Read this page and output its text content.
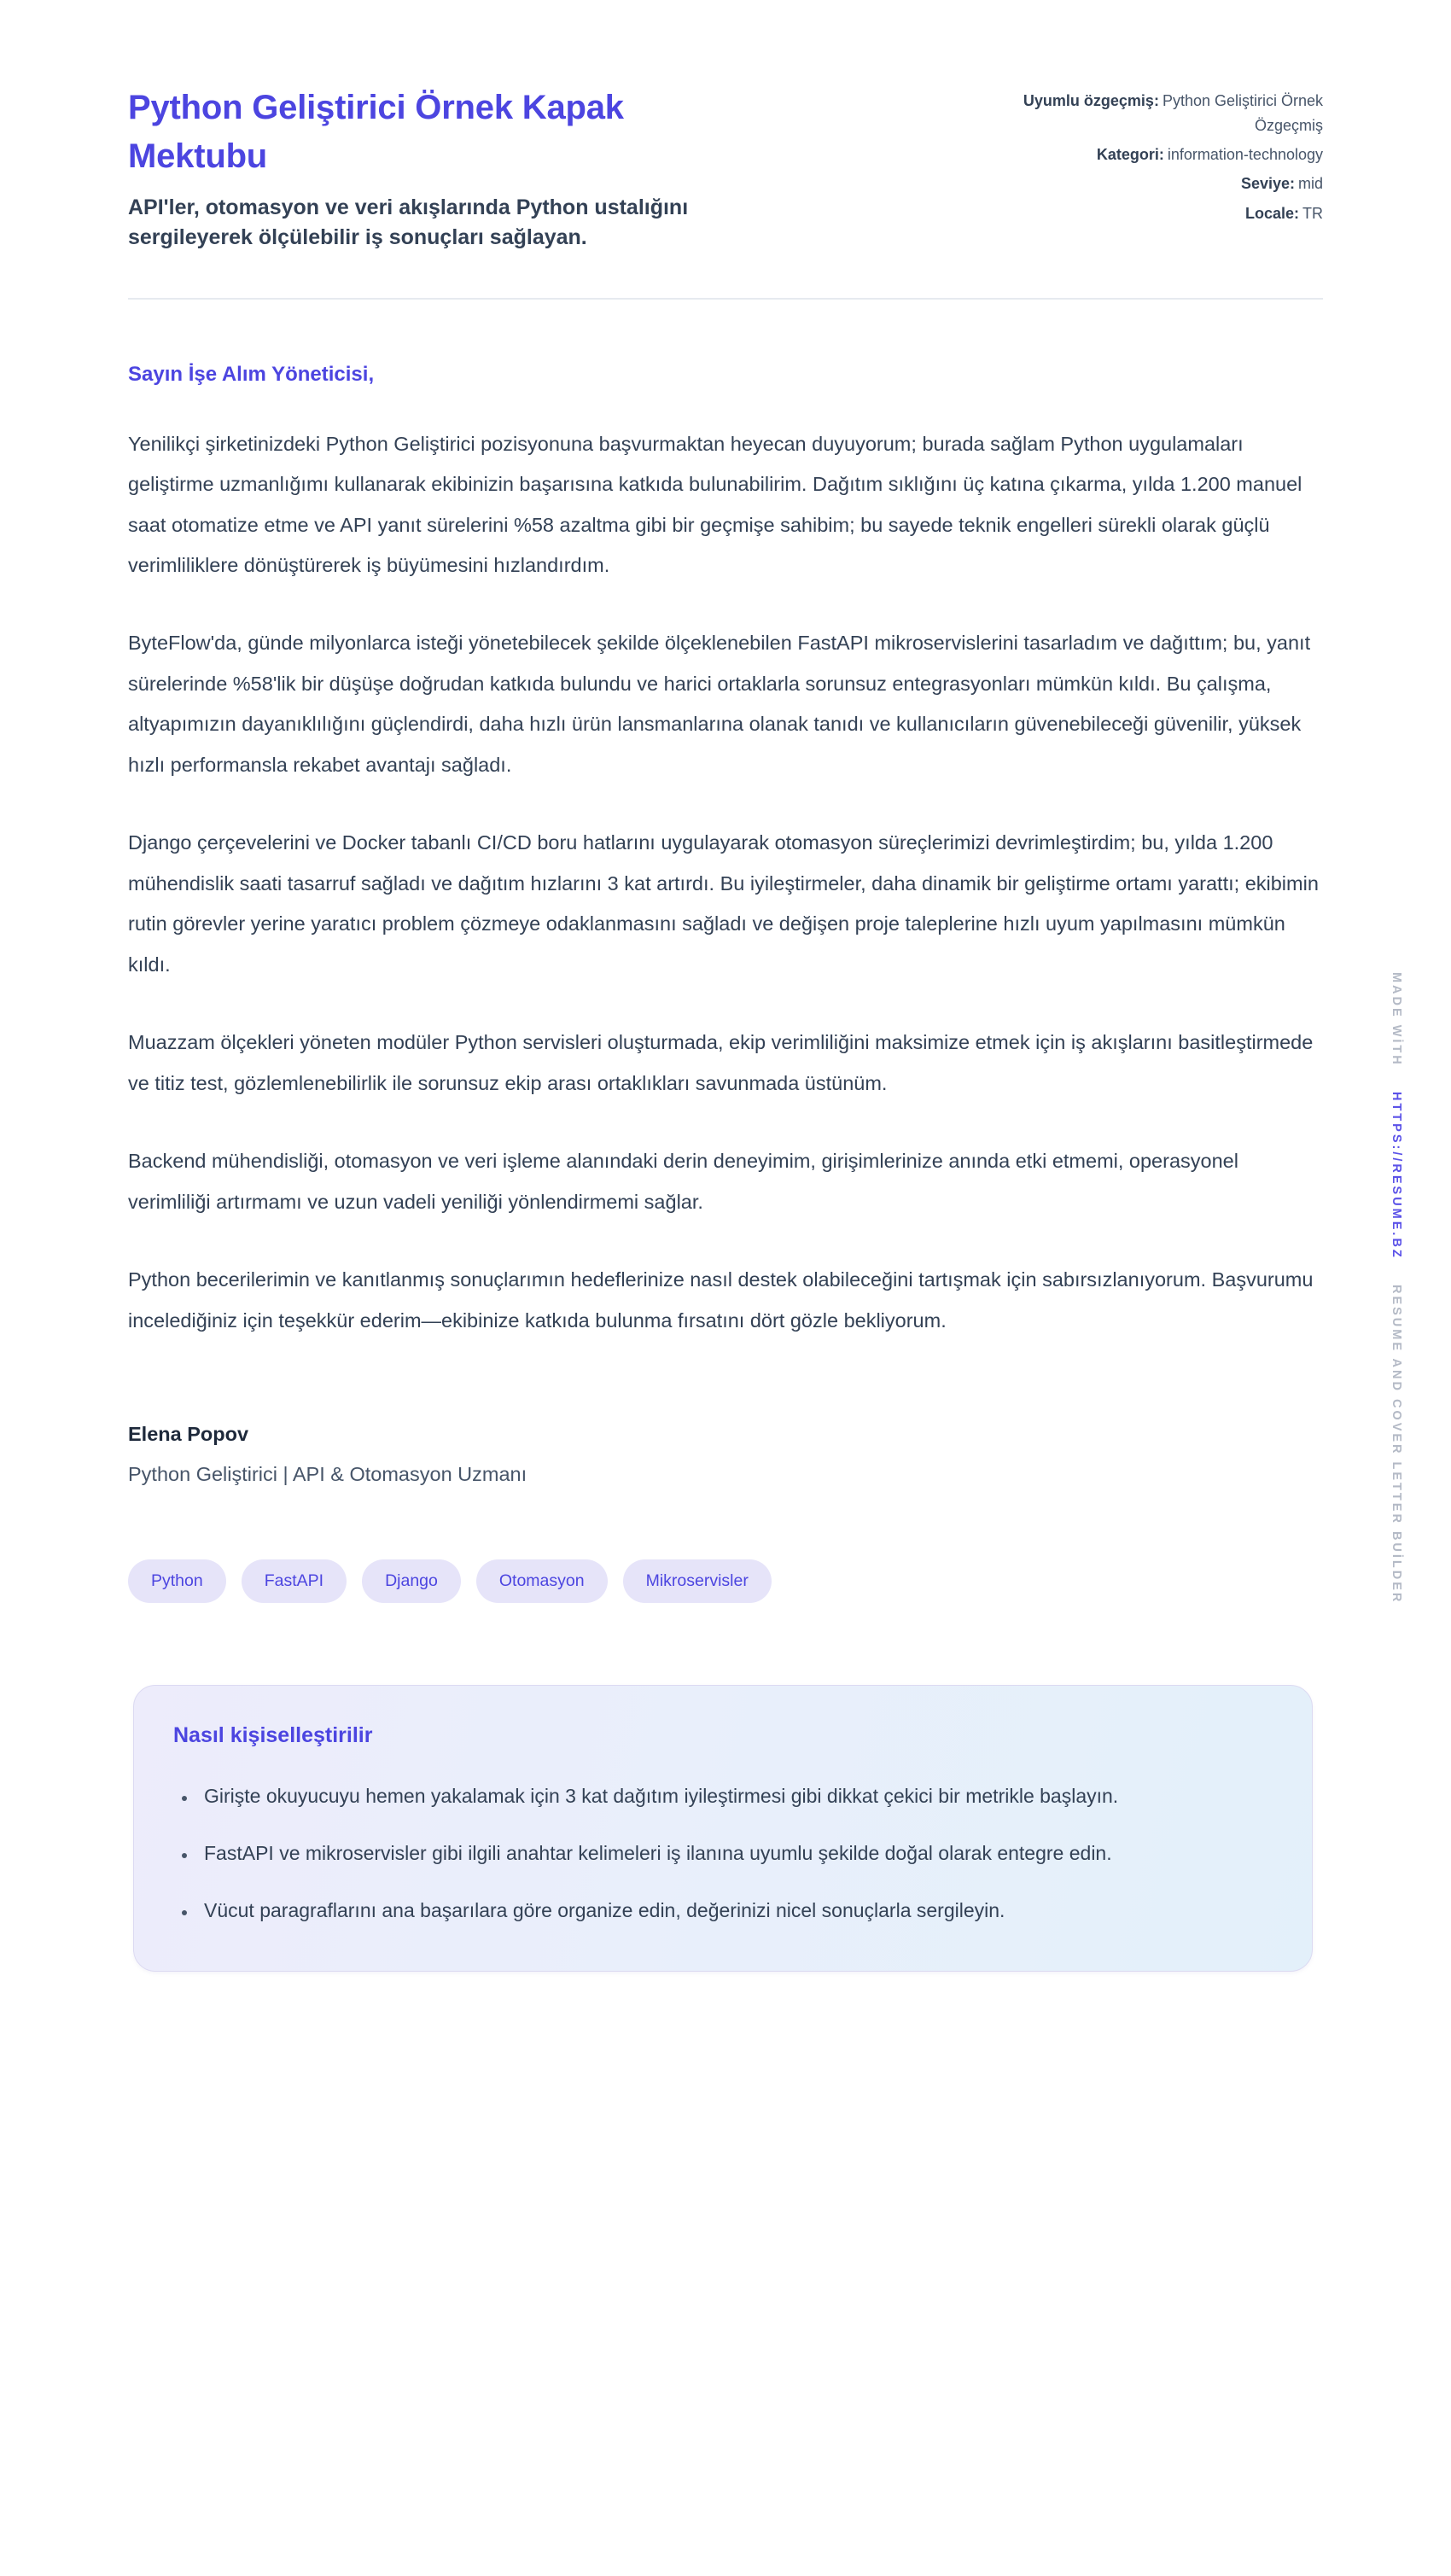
Python Geliştirici Örnek Kapak Mektubu
API'ler, otomasyon ve veri akışlarında Python ustalığını sergileyerek ölçülebilir iş sonuçları sağlayan.
Uyumlu özgeçmiş: Python Geliştirici Örnek Özgeçmiş
Kategori: information-technology
Seviye: mid
Locale: TR
Sayın İşe Alım Yöneticisi,

Yenilikçi şirketinizdeki Python Geliştirici pozisyonuna başvurmaktan heyecan duyuyorum; burada sağlam Python uygulamaları geliştirme uzmanlığımı kullanarak ekibinizin başarısına katkıda bulunabilirim. Dağıtım sıklığını üç katına çıkarma, yılda 1.200 manuel saat otomatize etme ve API yanıt sürelerini %58 azaltma gibi bir geçmişe sahibim; bu sayede teknik engelleri sürekli olarak güçlü verimliliklere dönüştürerek iş büyümesini hızlandırdım.

ByteFlow'da, günde milyonlarca isteği yönetebilecek şekilde ölçeklenebilen FastAPI mikroservislerini tasarladım ve dağıttım; bu, yanıt sürelerinde %58'lik bir düşüşe doğrudan katkıda bulundu ve harici ortaklarla sorunsuz entegrasyonları mümkün kıldı. Bu çalışma, altyapımızın dayanıklılığını güçlendirdi, daha hızlı ürün lansmanlarına olanak tanıdı ve kullanıcıların güvenebileceği güvenilir, yüksek hızlı performansla rekabet avantajı sağladı.

Django çerçevelerini ve Docker tabanlı CI/CD boru hatlarını uygulayarak otomasyon süreçlerimizi devrimleştirdim; bu, yılda 1.200 mühendislik saati tasarruf sağladı ve dağıtım hızlarını 3 kat artırdı. Bu iyileştirmeler, daha dinamik bir geliştirme ortamı yarattı; ekibimin rutin görevler yerine yaratıcı problem çözmeye odaklanmasını sağladı ve değişen proje taleplerine hızlı uyum yapılmasını mümkün kıldı.

Muazzam ölçekleri yöneten modüler Python servisleri oluşturmada, ekip verimliliğini maksimize etmek için iş akışlarını basitleştirmede ve titiz test, gözlemlenebilirlik ile sorunsuz ekip arası ortaklıkları savunmada üstünüm.

Backend mühendisliği, otomasyon ve veri işleme alanındaki derin deneyimim, girişimlerinize anında etki etmemi, operasyonel verimliliği artırmamı ve uzun vadeli yeniliği yönlendirmemi sağlar.

Python becerilerimin ve kanıtlanmış sonuçlarımın hedeflerinize nasıl destek olabileceğini tartışmak için sabırsızlanıyorum. Başvurumu incelediğiniz için teşekkür ederim—ekibinize katkıda bulunma fırsatını dört gözle bekliyorum.

Elena Popov
Python Geliştirici | API & Otomasyon Uzmanı
Python	FastAPI	Django	Otomasyon	Mikroservisler
Nasıl kişiselleştirilir
• Girişte okuyucuyu hemen yakalamak için 3 kat dağıtım iyileştirmesi gibi dikkat çekici bir metrikle başlayın.
• FastAPI ve mikroservisler gibi ilgili anahtar kelimeleri iş ilanına uyumlu şekilde doğal olarak entegre edin.
• Vücut paragraflarını ana başarılara göre organize edin, değerinizi nicel sonuçlarla sergileyin.
MADE WİTH HTTPS://RESUME.BZ RESUME AND COVER LETTER BUİLDER
